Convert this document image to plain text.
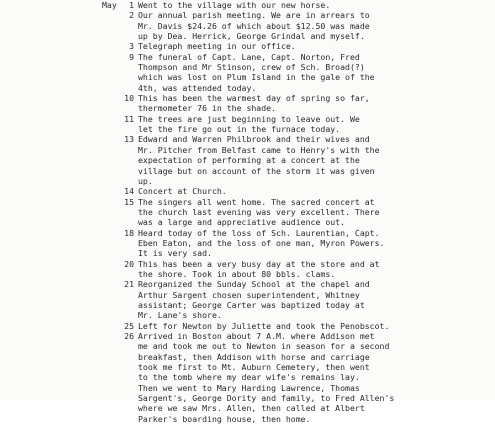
May	1 Went to the village with our new horse.
2 Our annual parish meeting. We are in arrears to
Mr. Davis $24.26 of which about $12.50 was made
up by Dea. Herrick, George Grindal and myself.
3 Telegraph meeting in our office.
9 The funeral of Capt. Lane, Capt. Norton, Fred
Thompson and Mr Stinson, crew of Sch. Broad(?)
which was lost on Plum Island in the gale of the
4th, was attended today.
10 This has been the warmest day of spring so far,
thermometer 76 in the shade.
11 The trees are just beginning to leave out. We
let the fire go out in the furnace today.
13 Edward and Warren Philbrook and their wives and
Mr. Pitcher from Belfast came to Henry's with the
expectation of performing at a concert at the
village but on account of the storm it was given
up.
14 Concert at Church.
15 The singers all went home. The sacred concert at
the church last evening was very excellent. There
was a large and appreciative audience out.
18 Heard today of the loss of Sch. Laurentian, Capt.
Eben Eaton, and the loss of one man, Myron Powers.
It is very sad.
20 This has been a very busy day at the store and at
the shore. Took in about 80 bbls. clams.
21 Reorganized the Sunday School at the chapel and
Arthur Sargent chosen superintendent, Whitney
assistant; George Carter was baptized today at
Mr. Lane's shore.
25 Left for Newton by Juliette and took the Penobscot.
26 Arrived in Boston about 7 A.M. where Addison met
me and took me out to Newton in season for a second
breakfast, then Addison with horse and carriage
took me first to Mt. Auburn Cemetery, then went
to the tomb where my dear wife's remains lay.
Then we went to Mary Harding Lawrence, Thomas
Sargent's, George Dority and family, to Fred Allen's
where we saw Mrs. Allen, then called at Albert
Parker's boarding house, then home.
